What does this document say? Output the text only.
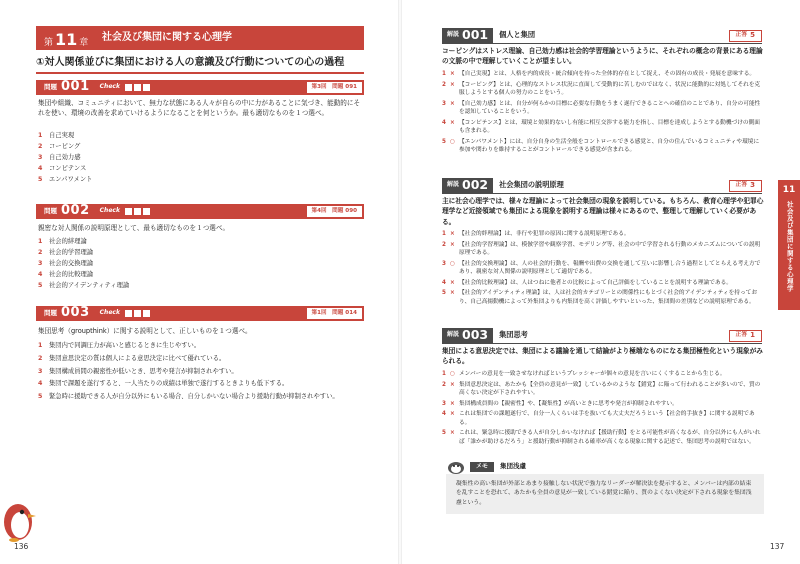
第 11 章
社会及び集団に関する心理学
①対人関係並びに集団における人の意識及び行動についての心の過程
問題 001 Check	第3回　問題 091
集団や組織、コミュニティにおいて、無力な状態にある人々が自らの中に力があることに気づき、能動的にそれを使い、環境の改善を求めていけるようになることを何というか。最も適切なものを１つ選べ。
1	自己実現
2	コーピング
3	自己効力感
4	コンピテンス
5	エンパワメント
問題 002 Check	第4回　問題 090
親密な対人関係の説明原理として、最も適切なものを１つ選べ。
1	社会的絆理論
2	社会的学習理論
3	社会的交換理論
4	社会的比較理論
5	社会的アイデンティティ理論
問題 003 Check	第1回　問題 014
集団思考（groupthink）に関する説明として、正しいものを１つ選べ。
1	集団内で同調圧力が高いと感じるときに生じやすい。
2	集団意思決定の質は個人による意思決定に比べて優れている。
3	集団構成員間の親密性が低いとき、思考や発言が抑制されやすい。
4	集団で課題を遂行すると、一人当たりの成績は単独で遂行するときよりも低下する。
5	緊急時に援助できる人が自分以外にもいる場合、自分しかいない場合より援助行動が抑制されやすい。
136
解説 001 個人と集団	正答 5
コーピングはストレス理論、自己効力感は社会的学習理論というように、それぞれの概念の背景にある理論の文脈の中で理解していくことが望ましい。
1 × 【自己実現】とは、人格を内的成長・統合傾向を持った全体的存在として捉え、その固有の成長・発展を意味する。
2 × 【コーピング】とは、心理的なストレス状況に直面して受動的に苦しむのではなく、状況に能動的に対処してそれを克服しようとする個人の努力のことをいう。
3 × 【自己効力感】とは、自分が何らかの目標に必要な行動をうまく遂行できることへの確信のことであり、自分の可能性を認知していることをいう。
4 × 【コンピテンス】とは、環境と効果的ないし有能に相互交渉する能力を指し、目標を達成しようとする動機づけの側面も含まれる。
5 ○ 【エンパワメント】には、自分自身の生活全般をコントロールできる感覚と、自分の住んでいるコミュニティや環境に参加や関わりを維持することがコントロールできる感覚が含まれる。
解説 002 社会集団の説明原理	正答 3
主に社会心理学では、様々な理論によって社会集団の現象を説明している。もちろん、教育心理学や犯罪心理学など近接領域でも集団による現象を説明する理論は様々にあるので、整理して理解していく必要がある。
1 × 【社会的絆理論】は、非行や犯罪の原因に関する説明原理である。
2 × 【社会的学習理論】は、模倣学習や観察学習、モデリング等、社会の中で学習される行動のメカニズムについての説明原理である。
3 ○ 【社会的交換理論】は、人の社会的行動を、報酬や出費の交換を通して互いに影響し合う過程としてとらえる考え方であり、親密な対人関係の説明原理として適切である。
4 × 【社会的比較理論】は、人はつねに他者との比較によって自己評価をしていることを説明する理論である。
5 × 【社会的アイデンティティ理論】は、人は社会的カテゴリーとの関係性にもとづく社会的アイデンティティを持っており、自己高揚動機によって外集団よりも内集団を高く評価しやすいといった、集団間の差別などの説明原理である。
解説 003 集団思考	正答 1
集団による意思決定では、集団による議論を通して結論がより極端なものになる集団極性化という現象がみられる。
1 ○ メンバーの意見を一致させなければというプレッシャーが個々の意見を言いにくくすることから生じる。
2 × 集団意思決定は、あたかも【全員の意見が一致】しているかのような【錯覚】に陥って行われることが多いので、質の高くない決定が下されやすい。
3 × 集団構成員間の【親密性】や、【凝集性】が高いときに思考や発言が抑制されやすい。
4 × これは集団での課題遂行で、自分一人くらいは手を抜いても大丈夫だろうという【社会的手抜き】に関する説明である。
5 × これは、緊急時に援助できる人が自分しかいなければ【援助行動】をとる可能性が高くなるが、自分以外にも人がいれば「誰かが助けるだろう」と援助行動が抑制される確率が高くなる現象に関する記述で、集団思考の説明ではない。
11
社会及び集団に関する心理学
メモ	集団浅慮
凝集性の高い集団が外部とあまり接触しない状況で強力なリーダーが解決法を提示すると、メンバーは内部の結束を乱すことを恐れて、あたかも全員の意見が一致している錯覚に陥り、質のよくない決定が下される現象を集団浅慮という。
137
